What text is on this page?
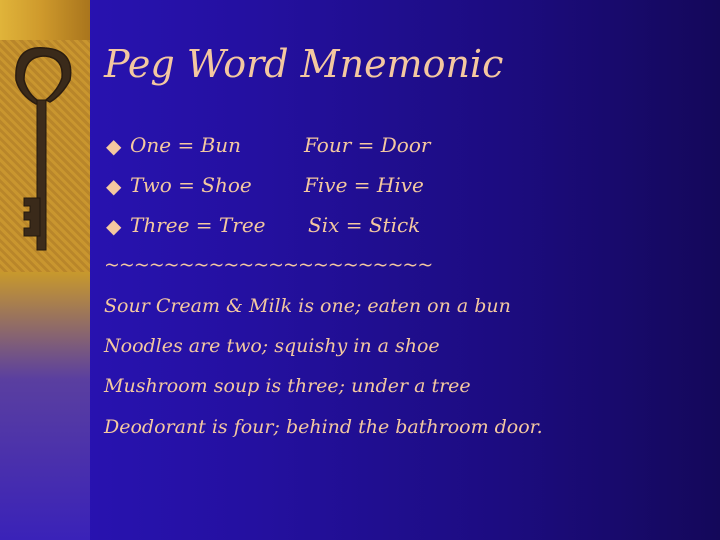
Peg Word Mnemonic
◆ One = Bun	Four = Door
◆ Two = Shoe	Five = Hive
◆ Three = Tree Six = Stick
~~~~~~~~~~~~~~~~~~~~~~
Sour Cream & Milk is one; eaten on a bun
Noodles are two; squishy in a shoe
Mushroom soup is three; under a tree
Deodorant is four; behind the bathroom door.
